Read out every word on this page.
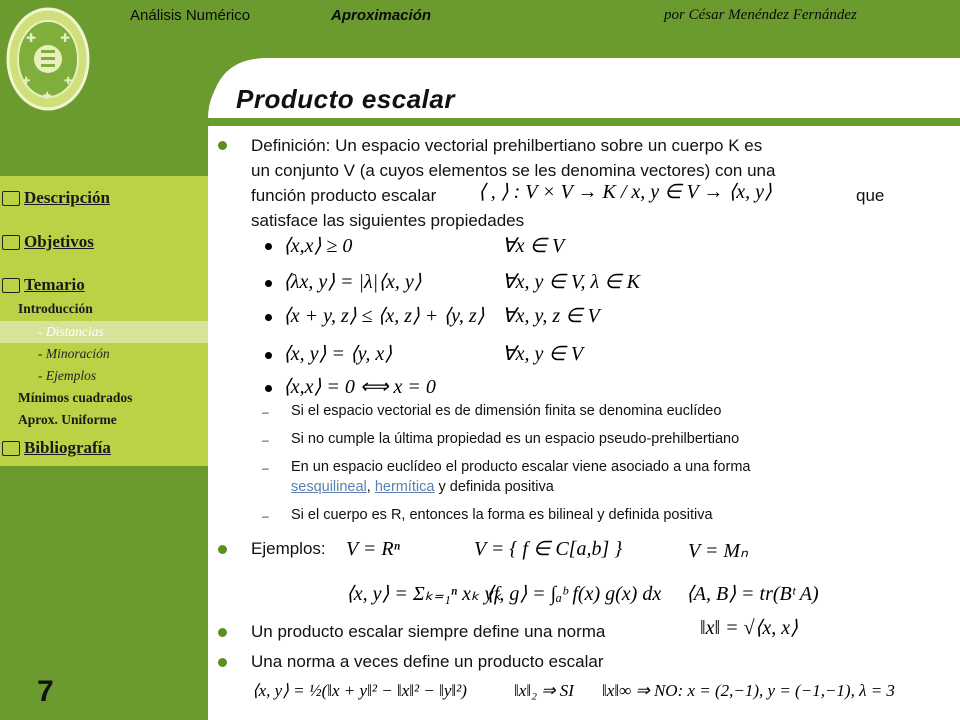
✚ ✚
✚	✚
✚
Descripción
Objetivos
Temario
Introducción
- Distancias
- Minoración
- Ejemplos
Mínimos cuadrados
Aprox. Uniforme
Bibliografía
7
Análisis Numérico	Aproximación	por César Menéndez Fernández
Producto escalar
Definición: Un espacio vectorial prehilbertiano sobre un cuerpo K es
un conjunto V (a cuyos elementos se les denomina vectores) con una
función producto escalar ⟨ , ⟩ : V × V → K / x, y ∈ V → ⟨x, y⟩	que
satisface las siguientes propiedades
⟨x,x⟩ ≥ 0	∀x ∈ V
⟨λx, y⟩ = |λ|⟨x, y⟩	∀x, y ∈ V, λ ∈ K
⟨x + y, z⟩ ≤ ⟨x, z⟩ + ⟨y, z⟩ ∀x, y, z ∈ V
⟨x, y⟩ = ⟨y, x⟩	∀x, y ∈ V
⟨x,x⟩ = 0 ⟺ x = 0
– Si el espacio vectorial es de dimensión finita se denomina euclídeo
– Si no cumple la última propiedad es un espacio pseudo-prehilbertiano
– En un espacio euclídeo el producto escalar viene asociado a una forma
sesquilineal, hermítica y definida positiva
– Si el cuerpo es R, entonces la forma es bilineal y definida positiva
Ejemplos: V = Rⁿ	V = { f ∈ C[a,b] }	V = Mₙ
⟨x, y⟩ = Σₖ₌₁ⁿ xₖ yₖ
⟨f, g⟩ = ∫ₐᵇ f(x) g(x) dx ⟨A, B⟩ = tr(Bᵗ A)
Un producto escalar siempre define una norma	‖x‖ = √⟨x, x⟩
Una norma a veces define un producto escalar
⟨x, y⟩ = ½(‖x + y‖² − ‖x‖² − ‖y‖²)	‖x‖₂ ⇒ SI ‖x‖∞ ⇒ NO: x = (2,−1), y = (−1,−1), λ = 3
